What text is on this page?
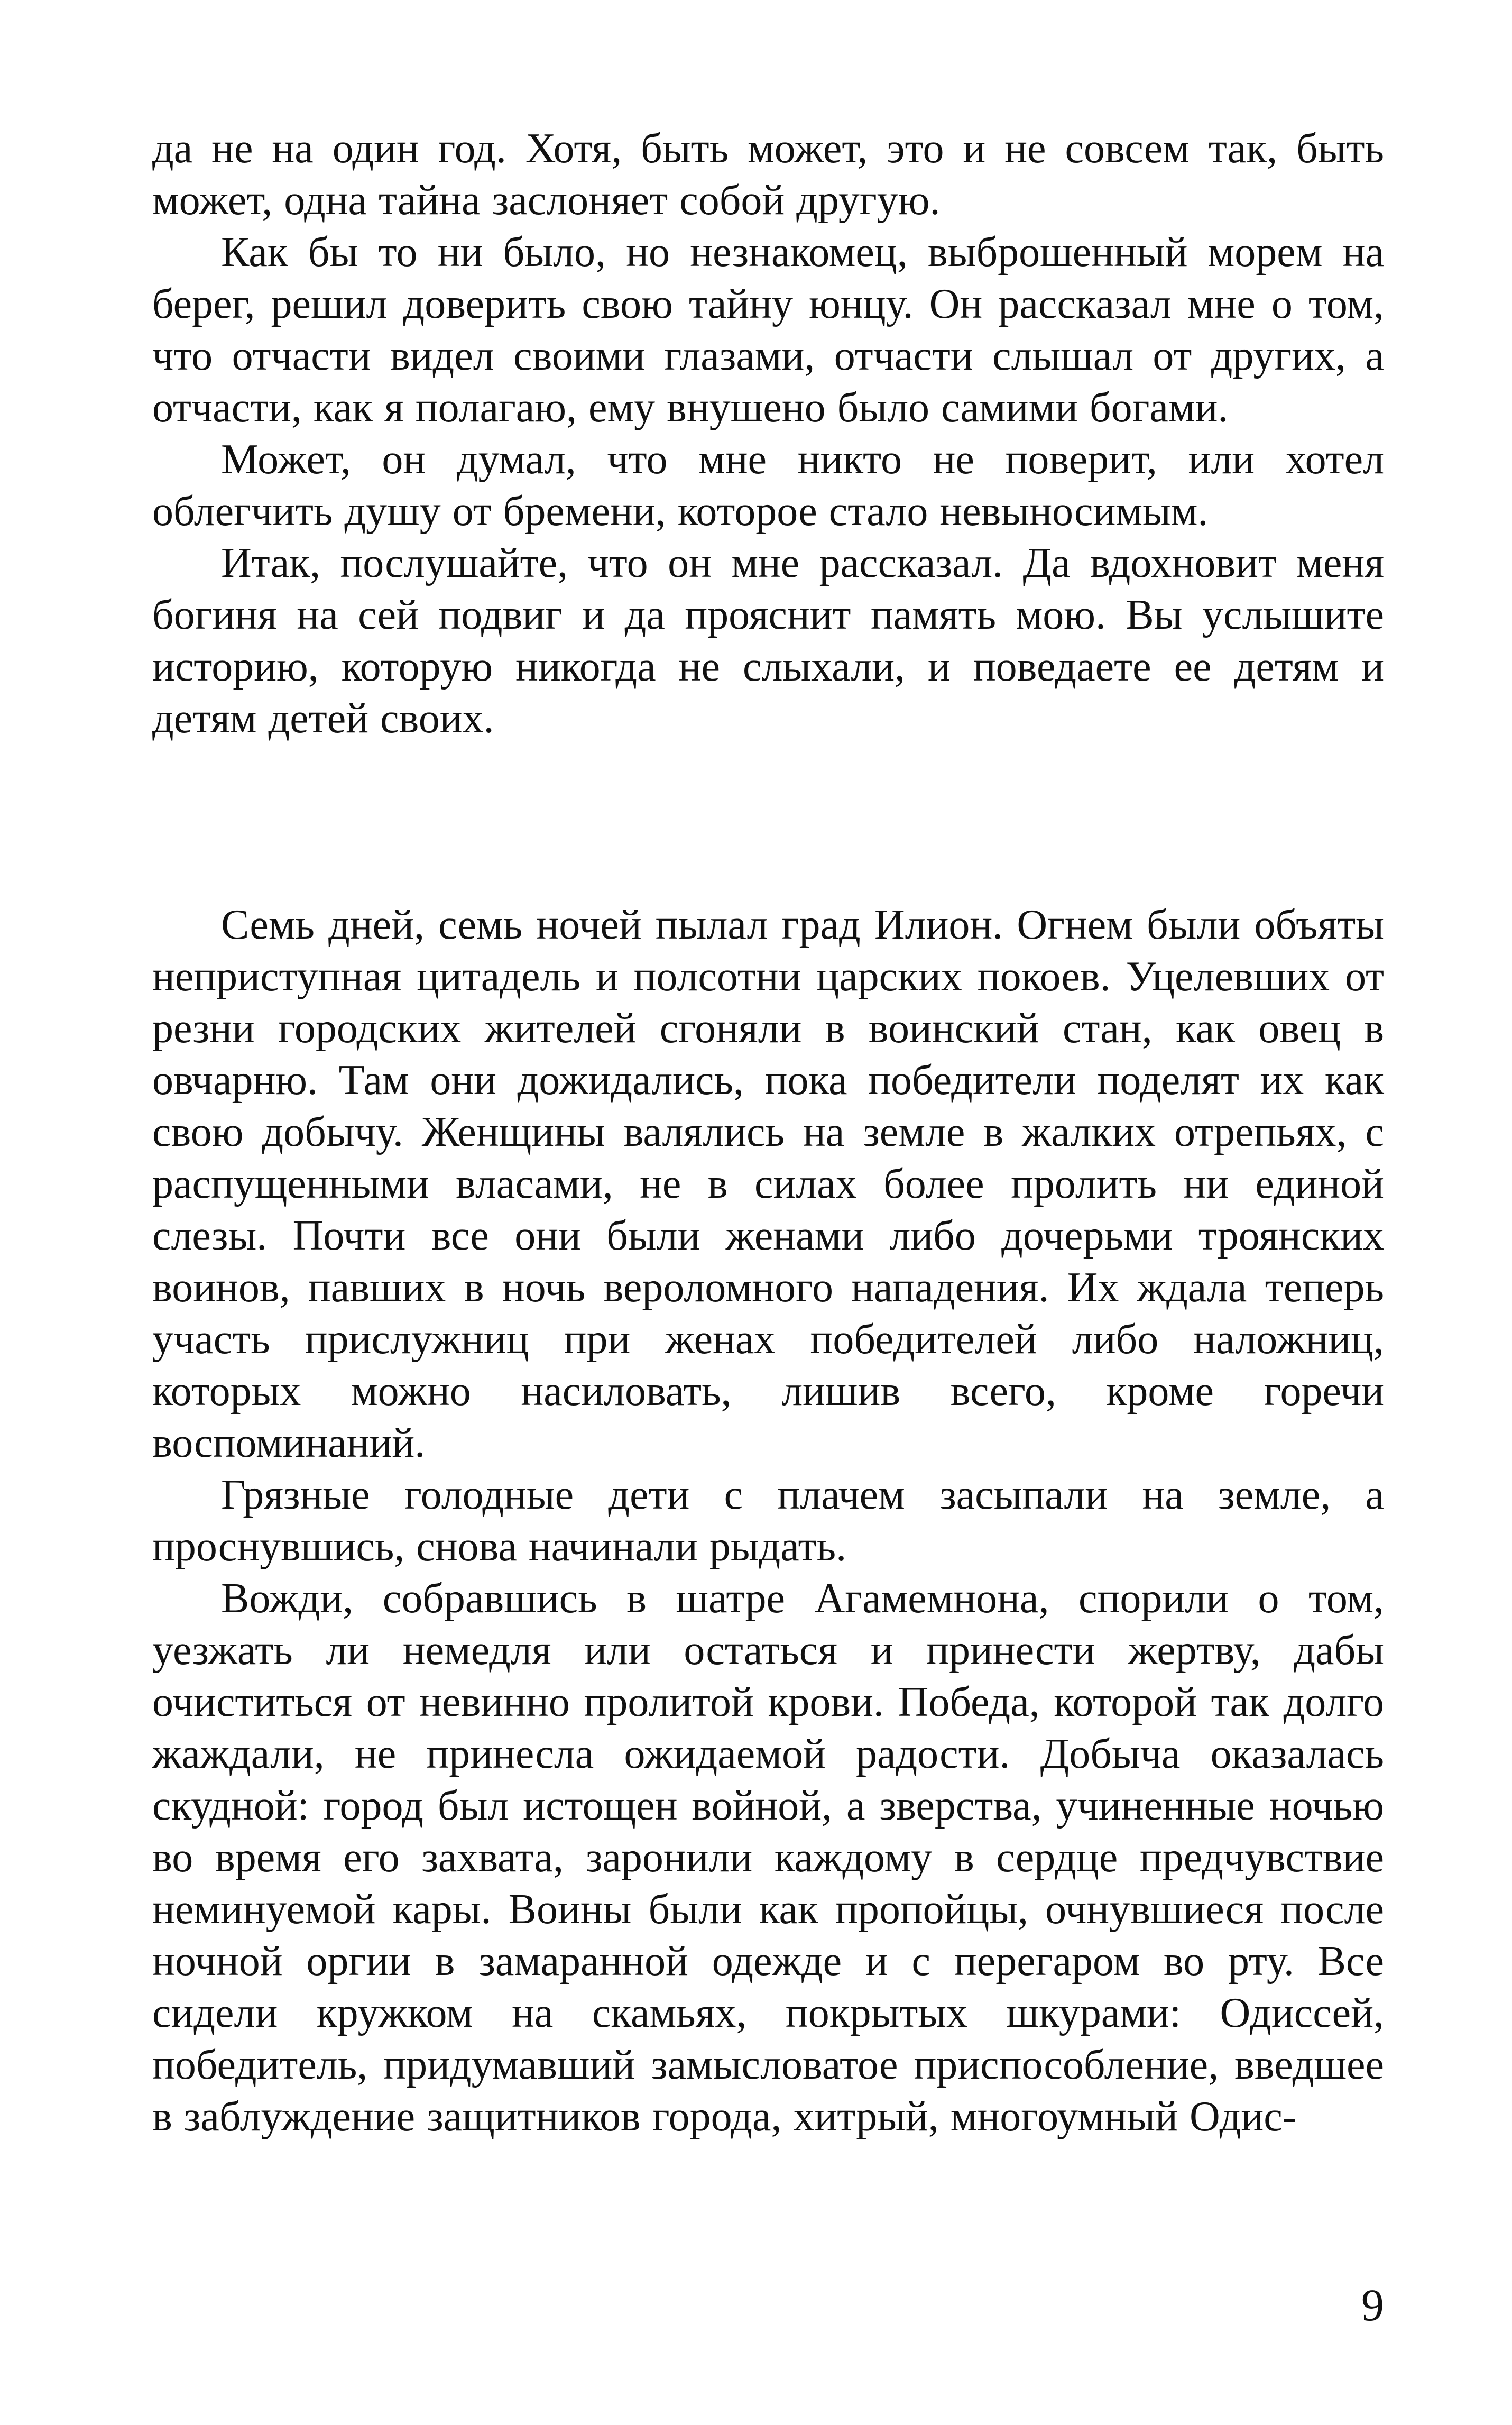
да не на один год. Хотя, быть может, это и не совсем так, быть может, одна тайна заслоняет собой другую.

Как бы то ни было, но незнакомец, выброшенный морем на берег, решил доверить свою тайну юнцу. Он рассказал мне о том, что отчасти видел своими глазами, отчасти слышал от других, а отчасти, как я полагаю, ему внушено было самими богами.

Может, он думал, что мне никто не поверит, или хотел облегчить душу от бремени, которое стало невыносимым.

Итак, послушайте, что он мне рассказал. Да вдохновит меня богиня на сей подвиг и да прояснит память мою. Вы услышите историю, которую никогда не слыхали, и поведаете ее детям и детям детей своих.

Семь дней, семь ночей пылал град Илион. Огнем были объяты неприступная цитадель и полсотни царских покоев. Уцелевших от резни городских жителей сгоняли в воинский стан, как овец в овчарню. Там они дожидались, пока победители поделят их как свою добычу. Женщины валялись на земле в жалких отрепьях, с распущенными власами, не в силах более пролить ни единой слезы. Почти все они были женами либо дочерьми троянских воинов, павших в ночь вероломного нападения. Их ждала теперь участь прислужниц при женах победителей либо наложниц, которых можно насиловать, лишив всего, кроме горечи воспоминаний.

Грязные голодные дети с плачем засыпали на земле, а проснувшись, снова начинали рыдать.

Вожди, собравшись в шатре Агамемнона, спорили о том, уезжать ли немедля или остаться и принести жертву, дабы очиститься от невинно пролитой крови. Победа, которой так долго жаждали, не принесла ожидаемой радости. Добыча оказалась скудной: город был истощен войной, а зверства, учиненные ночью во время его захвата, заронили каждому в сердце предчувствие неминуемой кары. Воины были как пропойцы, очнувшиеся после ночной оргии в замаранной одежде и с перегаром во рту. Все сидели кружком на скамьях, покрытых шкурами: Одиссей, победитель, придумавший замысловатое приспособление, введшее в заблуждение защитников города, хитрый, многоумный Одис-

9
